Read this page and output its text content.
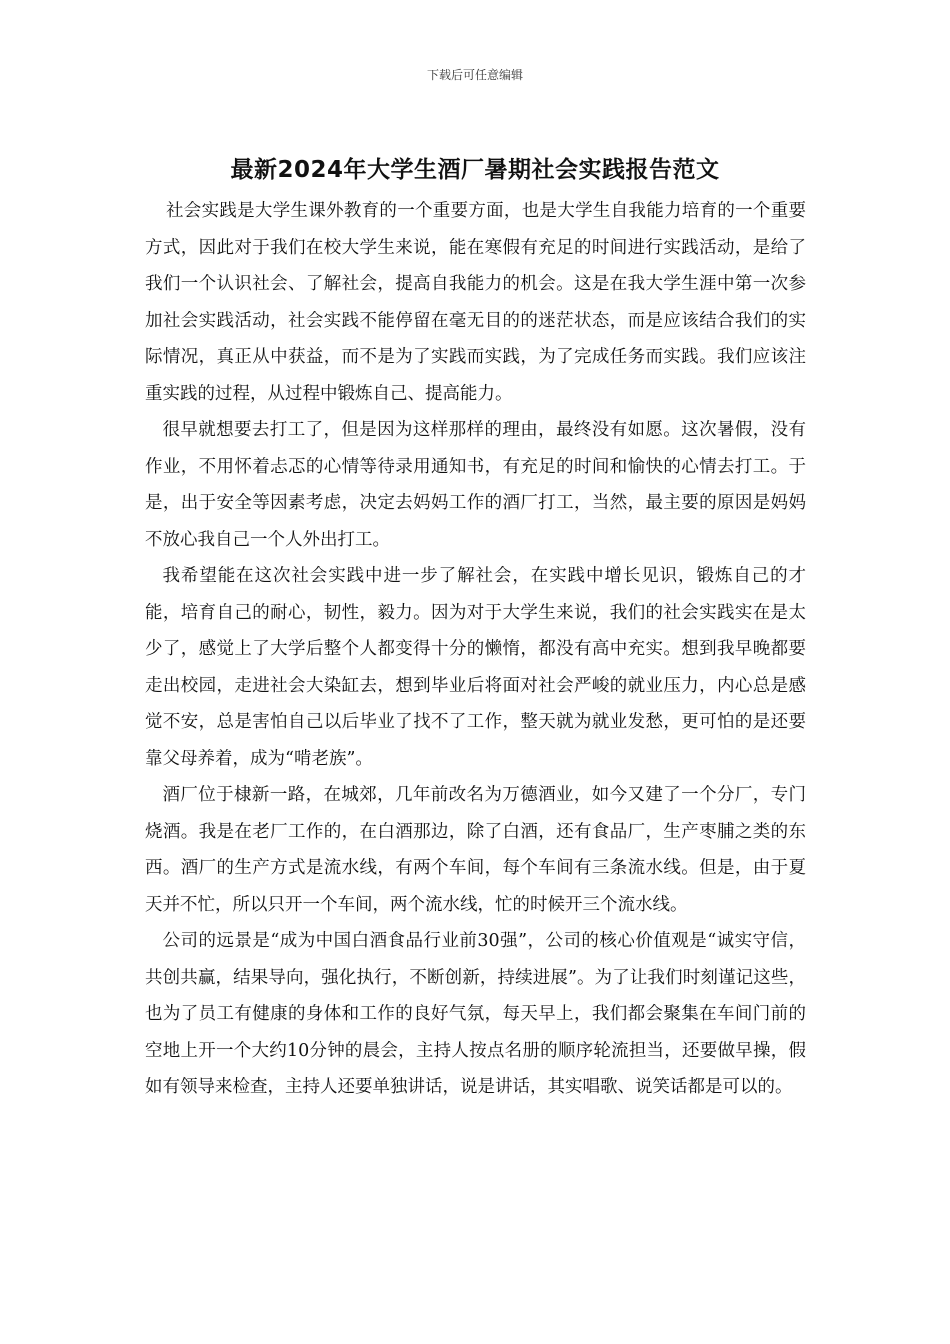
下载后可任意编辑
最新2024年大学生酒厂暑期社会实践报告范文

社会实践是大学生课外教育的一个重要方面，也是大学生自我能力培育的一个重要方式，因此对于我们在校大学生来说，能在寒假有充足的时间进行实践活动，是给了我们一个认识社会、了解社会，提高自我能力的机会。这是在我大学生涯中第一次参加社会实践活动，社会实践不能停留在毫无目的的迷茫状态，而是应该结合我们的实际情况，真正从中获益，而不是为了实践而实践，为了完成任务而实践。我们应该注重实践的过程，从过程中锻炼自己、提高能力。

很早就想要去打工了，但是因为这样那样的理由，最终没有如愿。这次暑假，没有作业，不用怀着忐忑的心情等待录用通知书，有充足的时间和愉快的心情去打工。于是，出于安全等因素考虑，决定去妈妈工作的酒厂打工，当然，最主要的原因是妈妈不放心我自己一个人外出打工。

我希望能在这次社会实践中进一步了解社会，在实践中增长见识，锻炼自己的才能，培育自己的耐心，韧性，毅力。因为对于大学生来说，我们的社会实践实在是太少了，感觉上了大学后整个人都变得十分的懒惰，都没有高中充实。想到我早晚都要走出校园，走进社会大染缸去，想到毕业后将面对社会严峻的就业压力，内心总是感觉不安，总是害怕自己以后毕业了找不了工作，整天就为就业发愁，更可怕的是还要靠父母养着，成为“啃老族”。

酒厂位于棣新一路，在城郊，几年前改名为万德酒业，如今又建了一个分厂，专门烧酒。我是在老厂工作的，在白酒那边，除了白酒，还有食品厂，生产枣脯之类的东西。酒厂的生产方式是流水线，有两个车间，每个车间有三条流水线。但是，由于夏天并不忙，所以只开一个车间，两个流水线，忙的时候开三个流水线。

公司的远景是“成为中国白酒食品行业前30强”，公司的核心价值观是“诚实守信，共创共赢，结果导向，强化执行，不断创新，持续进展”。为了让我们时刻谨记这些，也为了员工有健康的身体和工作的良好气氛，每天早上，我们都会聚集在车间门前的空地上开一个大约10分钟的晨会，主持人按点名册的顺序轮流担当，还要做早操，假如有领导来检查，主持人还要单独讲话，说是讲话，其实唱歌、说笑话都是可以的。
